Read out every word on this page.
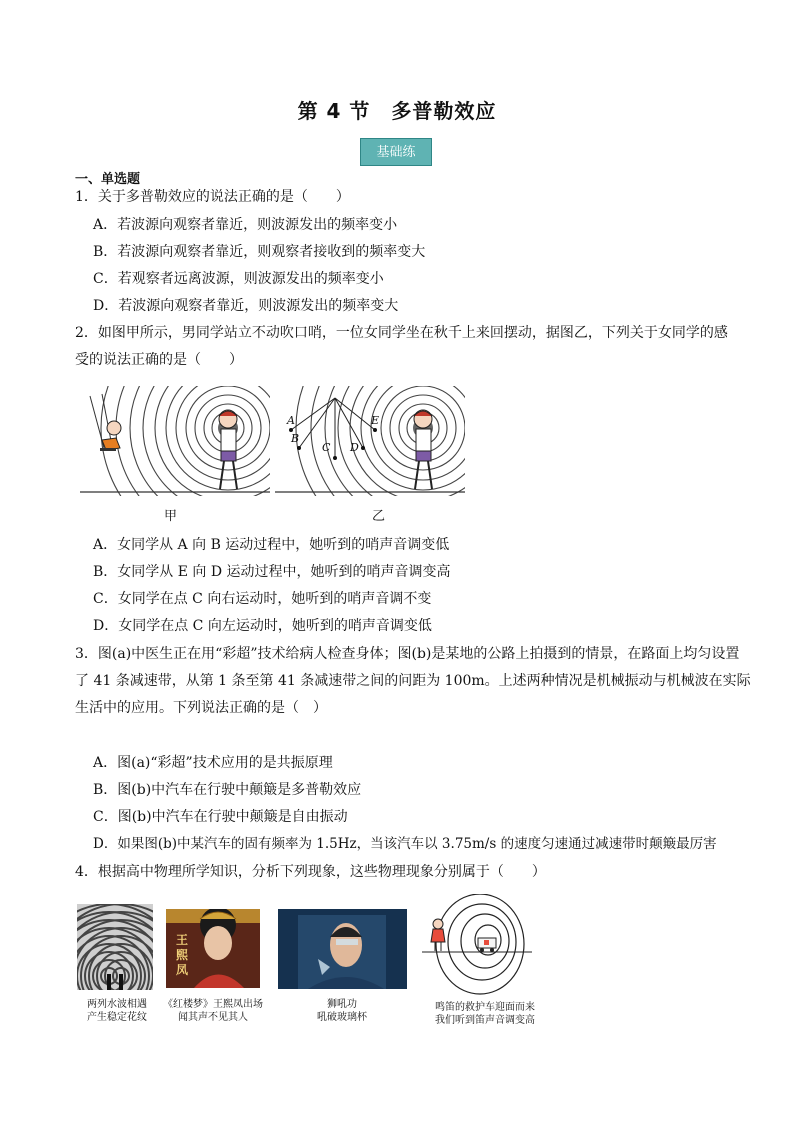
第 4 节　多普勒效应
基础练
一、单选题
1．关于多普勒效应的说法正确的是（　　）
A．若波源向观察者靠近，则波源发出的频率变小
B．若波源向观察者靠近，则观察者接收到的频率变大
C．若观察者远离波源，则波源发出的频率变小
D．若波源向观察者靠近，则波源发出的频率变大
2．如图甲所示，男同学站立不动吹口哨，一位女同学坐在秋千上来回摆动，据图乙，下列关于女同学的感
受的说法正确的是（　　）
A
B
C D
E
甲	乙
A．女同学从 A 向 B 运动过程中，她听到的哨声音调变低
B．女同学从 E 向 D 运动过程中，她听到的哨声音调变高
C．女同学在点 C 向右运动时，她听到的哨声音调不变
D．女同学在点 C 向左运动时，她听到的哨声音调变低
3．图(a)中医生正在用“彩超”技术给病人检查身体；图(b)是某地的公路上拍摄到的情景，在路面上均匀设置
了 41 条减速带，从第 1 条至第 41 条减速带之间的问距为 100m。上述两种情况是机械振动与机械波在实际
生活中的应用。下列说法正确的是（　）
A．图(a)“彩超”技术应用的是共振原理
B．图(b)中汽车在行驶中颠簸是多普勒效应
C．图(b)中汽车在行驶中颠簸是自由振动
D．如果图(b)中某汽车的固有频率为 1.5Hz，当该汽车以 3.75m/s 的速度匀速通过减速带时颠簸最厉害
4．根据高中物理所学知识，分析下列现象，这些物理现象分别属于（　　）
王熙凤
两列水波相遇
产生稳定花纹
《红楼梦》王熙凤出场
闻其声不见其人
狮吼功
吼破玻璃杯
鸣笛的救护车迎面而来
我们听到笛声音调变高
